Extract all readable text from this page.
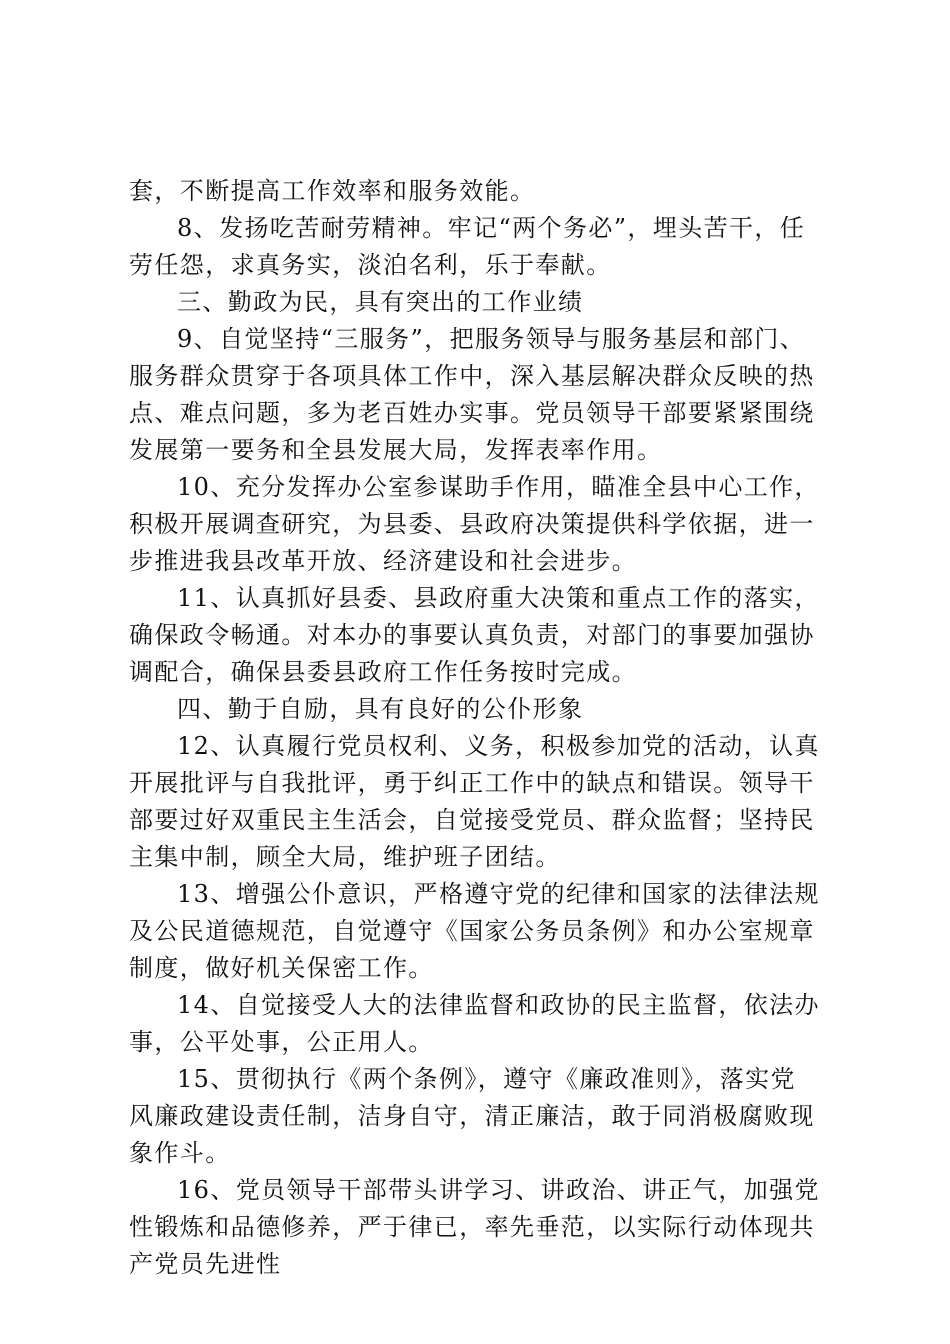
套，不断提高工作效率和服务效能。
8、发扬吃苦耐劳精神。牢记“两个务必”，埋头苦干，任
劳任怨，求真务实，淡泊名利，乐于奉献。
三、勤政为民，具有突出的工作业绩
9、自觉坚持“三服务”，把服务领导与服务基层和部门、
服务群众贯穿于各项具体工作中，深入基层解决群众反映的热
点、难点问题，多为老百姓办实事。党员领导干部要紧紧围绕
发展第一要务和全县发展大局，发挥表率作用。
10、充分发挥办公室参谋助手作用，瞄准全县中心工作，
积极开展调查研究，为县委、县政府决策提供科学依据，进一
步推进我县改革开放、经济建设和社会进步。
11、认真抓好县委、县政府重大决策和重点工作的落实，
确保政令畅通。对本办的事要认真负责，对部门的事要加强协
调配合，确保县委县政府工作任务按时完成。
四、勤于自励，具有良好的公仆形象
12、认真履行党员权利、义务，积极参加党的活动，认真
开展批评与自我批评，勇于纠正工作中的缺点和错误。领导干
部要过好双重民主生活会，自觉接受党员、群众监督；坚持民
主集中制，顾全大局，维护班子团结。
13、增强公仆意识，严格遵守党的纪律和国家的法律法规
及公民道德规范，自觉遵守《国家公务员条例》和办公室规章
制度，做好机关保密工作。
14、自觉接受人大的法律监督和政协的民主监督，依法办
事，公平处事，公正用人。
15、贯彻执行《两个条例》，遵守《廉政准则》，落实党
风廉政建设责任制，洁身自守，清正廉洁，敢于同消极腐败现
象作斗。
16、党员领导干部带头讲学习、讲政治、讲正气，加强党
性锻炼和品德修养，严于律已，率先垂范，以实际行动体现共
产党员先进性
